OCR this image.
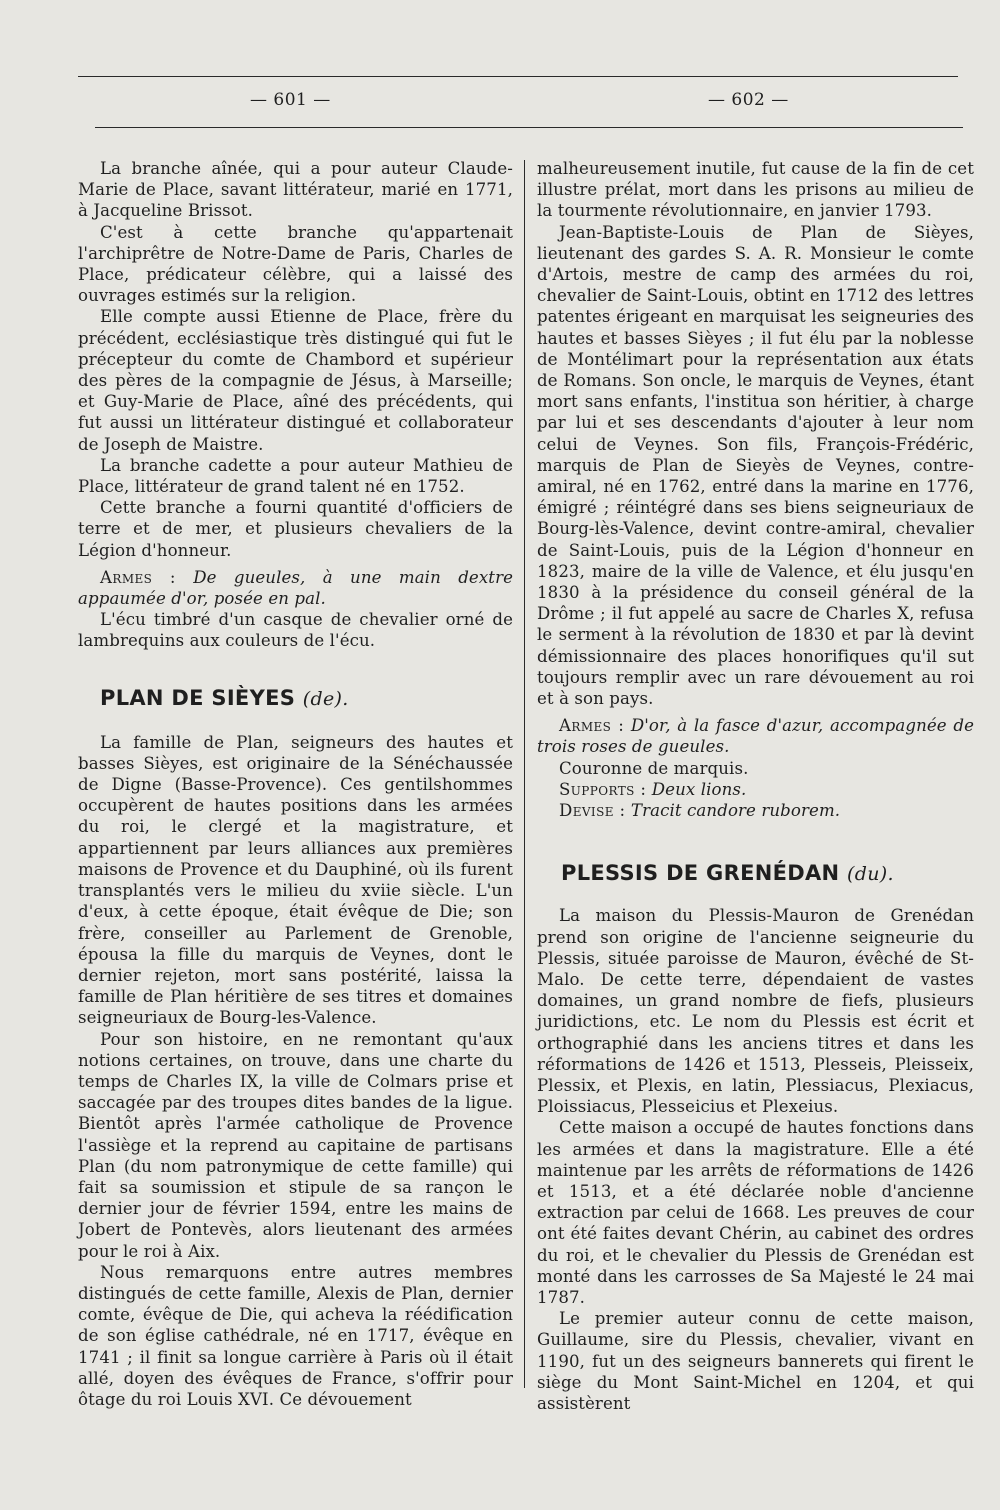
— 601 —	— 602 —

La branche aînée, qui a pour auteur Claude-Marie de Place, savant littérateur, marié en 1771, à Jacqueline Brissot.

C'est à cette branche qu'appartenait l'archiprêtre de Notre-Dame de Paris, Charles de Place, prédicateur célèbre, qui a laissé des ouvrages estimés sur la religion.

Elle compte aussi Etienne de Place, frère du précédent, ecclésiastique très distingué qui fut le précepteur du comte de Chambord et supérieur des pères de la compagnie de Jésus, à Marseille; et Guy-Marie de Place, aîné des précédents, qui fut aussi un littérateur distingué et collaborateur de Joseph de Maistre.

La branche cadette a pour auteur Mathieu de Place, littérateur de grand talent né en 1752.

Cette branche a fourni quantité d'officiers de terre et de mer, et plusieurs chevaliers de la Légion d'honneur.

Armes : De gueules, à une main dextre appaumée d'or, posée en pal.

L'écu timbré d'un casque de chevalier orné de lambrequins aux couleurs de l'écu.

PLAN DE SIÈYES (de).

La famille de Plan, seigneurs des hautes et basses Sièyes, est originaire de la Sénéchaussée de Digne (Basse-Provence). Ces gentilshommes occupèrent de hautes positions dans les armées du roi, le clergé et la magistrature, et appartiennent par leurs alliances aux premières maisons de Provence et du Dauphiné, où ils furent transplantés vers le milieu du xviie siècle. L'un d'eux, à cette époque, était évêque de Die; son frère, conseiller au Parlement de Grenoble, épousa la fille du marquis de Veynes, dont le dernier rejeton, mort sans postérité, laissa la famille de Plan héritière de ses titres et domaines seigneuriaux de Bourg-les-Valence.

Pour son histoire, en ne remontant qu'aux notions certaines, on trouve, dans une charte du temps de Charles IX, la ville de Colmars prise et saccagée par des troupes dites bandes de la ligue. Bientôt après l'armée catholique de Provence l'assiège et la reprend au capitaine de partisans Plan (du nom patronymique de cette famille) qui fait sa soumission et stipule de sa rançon le dernier jour de février 1594, entre les mains de Jobert de Pontevès, alors lieutenant des armées pour le roi à Aix.

Nous remarquons entre autres membres distingués de cette famille, Alexis de Plan, dernier comte, évêque de Die, qui acheva la réédification de son église cathédrale, né en 1717, évêque en 1741 ; il finit sa longue carrière à Paris où il était allé, doyen des évêques de France, s'offrir pour ôtage du roi Louis XVI. Ce dévouement

malheureusement inutile, fut cause de la fin de cet illustre prélat, mort dans les prisons au milieu de la tourmente révolutionnaire, en janvier 1793.

Jean-Baptiste-Louis de Plan de Sièyes, lieutenant des gardes S. A. R. Monsieur le comte d'Artois, mestre de camp des armées du roi, chevalier de Saint-Louis, obtint en 1712 des lettres patentes érigeant en marquisat les seigneuries des hautes et basses Sièyes ; il fut élu par la noblesse de Montélimart pour la représentation aux états de Romans. Son oncle, le marquis de Veynes, étant mort sans enfants, l'institua son héritier, à charge par lui et ses descendants d'ajouter à leur nom celui de Veynes. Son fils, François-Frédéric, marquis de Plan de Sieyès de Veynes, contre-amiral, né en 1762, entré dans la marine en 1776, émigré ; réintégré dans ses biens seigneuriaux de Bourg-lès-Valence, devint contre-amiral, chevalier de Saint-Louis, puis de la Légion d'honneur en 1823, maire de la ville de Valence, et élu jusqu'en 1830 à la présidence du conseil général de la Drôme ; il fut appelé au sacre de Charles X, refusa le serment à la révolution de 1830 et par là devint démissionnaire des places honorifiques qu'il sut toujours remplir avec un rare dévouement au roi et à son pays.

Armes : D'or, à la fasce d'azur, accompagnée de trois roses de gueules.

Couronne de marquis.

Supports : Deux lions.

Devise : Tracit candore ruborem.

PLESSIS DE GRENÉDAN (du).

La maison du Plessis-Mauron de Grenédan prend son origine de l'ancienne seigneurie du Plessis, située paroisse de Mauron, évêché de St-Malo. De cette terre, dépendaient de vastes domaines, un grand nombre de fiefs, plusieurs juridictions, etc. Le nom du Plessis est écrit et orthographié dans les anciens titres et dans les réformations de 1426 et 1513, Plesseis, Pleisseix, Plessix, et Plexis, en latin, Plessiacus, Plexiacus, Ploissiacus, Plesseicius et Plexeius.

Cette maison a occupé de hautes fonctions dans les armées et dans la magistrature. Elle a été maintenue par les arrêts de réformations de 1426 et 1513, et a été déclarée noble d'ancienne extraction par celui de 1668. Les preuves de cour ont été faites devant Chérin, au cabinet des ordres du roi, et le chevalier du Plessis de Grenédan est monté dans les carrosses de Sa Majesté le 24 mai 1787.

Le premier auteur connu de cette maison, Guillaume, sire du Plessis, chevalier, vivant en 1190, fut un des seigneurs bannerets qui firent le siège du Mont Saint-Michel en 1204, et qui assistèrent
